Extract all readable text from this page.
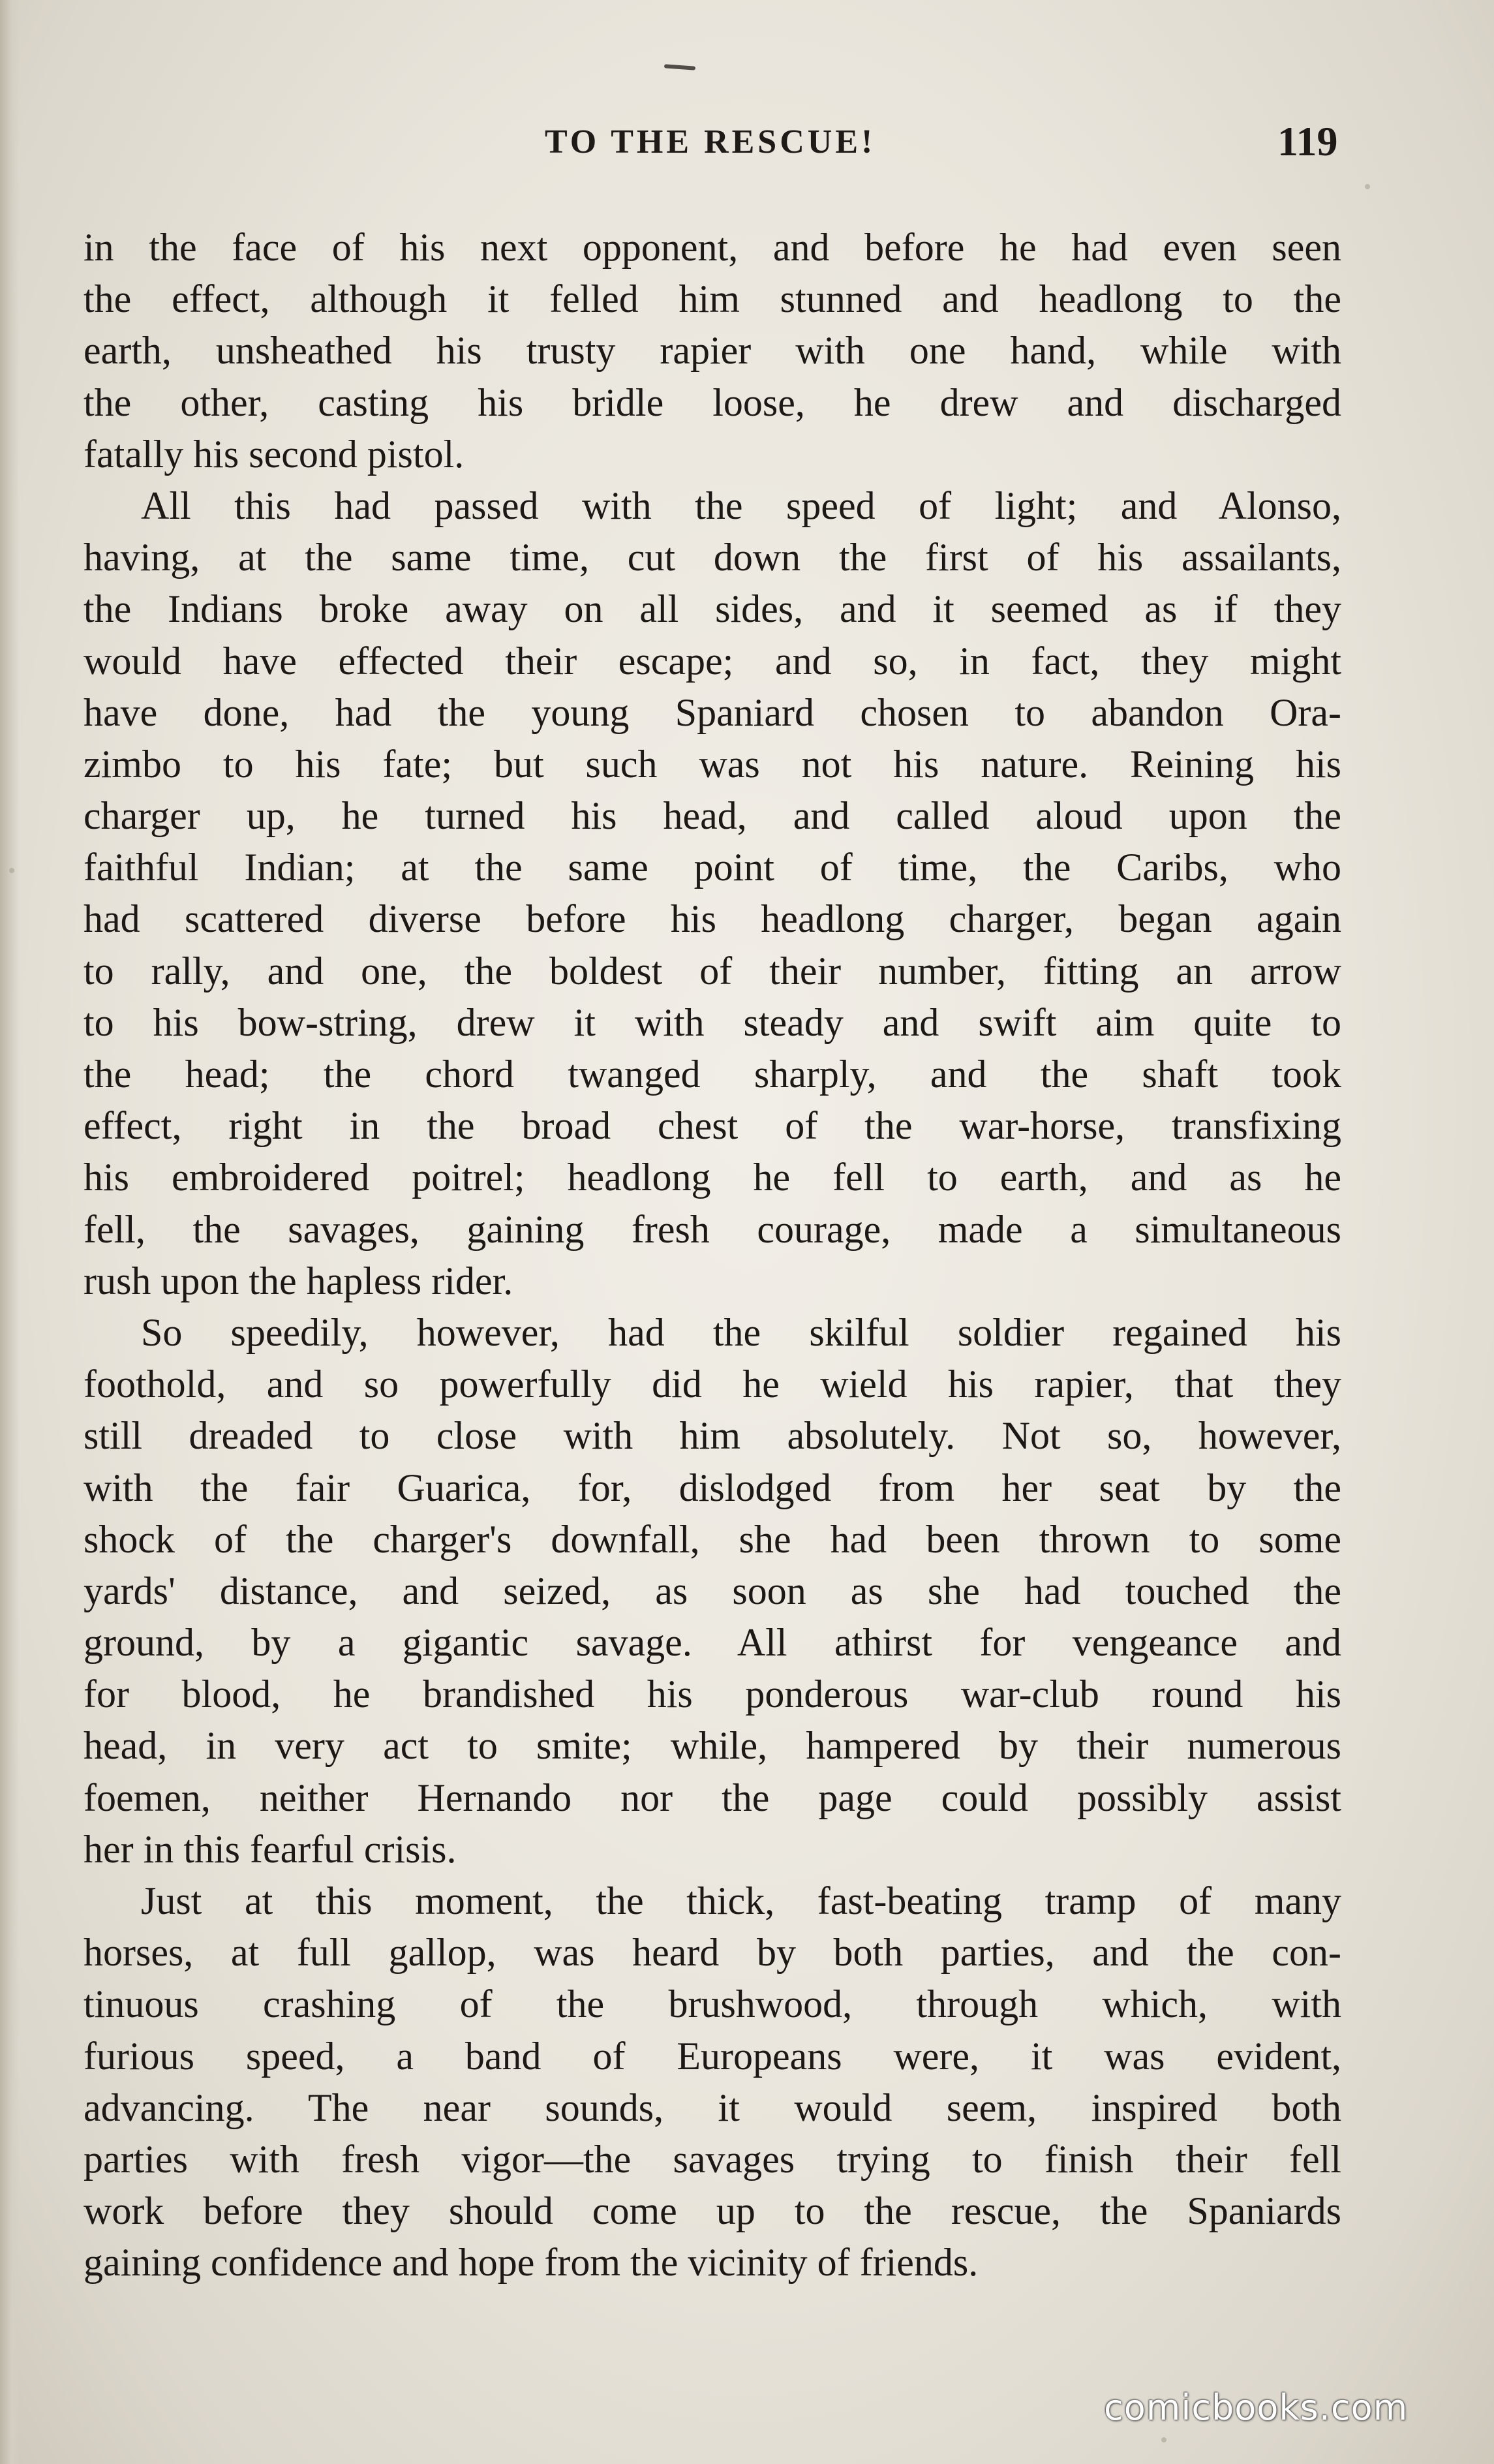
TO THE RESCUE!	119
in the face of his next opponent, and before he had even seen
the effect, although it felled him stunned and headlong to the
earth, unsheathed his trusty rapier with one hand, while with
the other, casting his bridle loose, he drew and discharged
fatally his second pistol.
All this had passed with the speed of light; and Alonso,
having, at the same time, cut down the first of his assailants,
the Indians broke away on all sides, and it seemed as if they
would have effected their escape; and so, in fact, they might
have done, had the young Spaniard chosen to abandon Ora-
zimbo to his fate; but such was not his nature. Reining his
charger up, he turned his head, and called aloud upon the
faithful Indian; at the same point of time, the Caribs, who
had scattered diverse before his headlong charger, began again
to rally, and one, the boldest of their number, fitting an arrow
to his bow-string, drew it with steady and swift aim quite to
the head; the chord twanged sharply, and the shaft took
effect, right in the broad chest of the war-horse, transfixing
his embroidered poitrel; headlong he fell to earth, and as he
fell, the savages, gaining fresh courage, made a simultaneous
rush upon the hapless rider.
So speedily, however, had the skilful soldier regained his
foothold, and so powerfully did he wield his rapier, that they
still dreaded to close with him absolutely. Not so, however,
with the fair Guarica, for, dislodged from her seat by the
shock of the charger's downfall, she had been thrown to some
yards' distance, and seized, as soon as she had touched the
ground, by a gigantic savage. All athirst for vengeance and
for blood, he brandished his ponderous war-club round his
head, in very act to smite; while, hampered by their numerous
foemen, neither Hernando nor the page could possibly assist
her in this fearful crisis.
Just at this moment, the thick, fast-beating tramp of many
horses, at full gallop, was heard by both parties, and the con-
tinuous crashing of the brushwood, through which, with
furious speed, a band of Europeans were, it was evident,
advancing. The near sounds, it would seem, inspired both
parties with fresh vigor—the savages trying to finish their fell
work before they should come up to the rescue, the Spaniards
gaining confidence and hope from the vicinity of friends.
comicbooks.com
